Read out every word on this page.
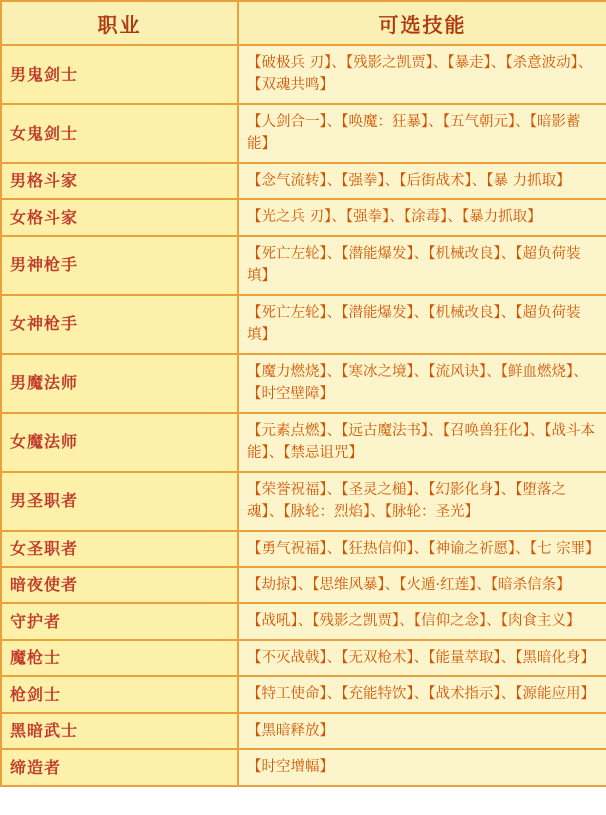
职业	可选技能
男鬼剑士	【破极兵 刃】、【残影之凯贾】、【暴走】、【杀意波动】、【双魂共鸣】

女鬼剑士	【人剑合一】、【唤魔：狂暴】、【五气朝元】、【暗影蓄能】

男格斗家	【念气流转】、【强拳】、【后街战术】、【暴 力抓取】

女格斗家	【光之兵 刃】、【强拳】、【涂毒】、【暴力抓取】

男神枪手	【死亡左轮】、【潜能爆发】、【机械改良】、【超负荷装填】

女神枪手	【死亡左轮】、【潜能爆发】、【机械改良】、【超负荷装填】

男魔法师	【魔力燃烧】、【寒冰之境】、【流风诀】、【鲜血燃烧】、【时空壁障】

女魔法师	【元素点燃】、【远古魔法书】、【召唤兽狂化】、【战斗本能】、【禁忌诅咒】

男圣职者	【荣誉祝福】、【圣灵之槌】、【幻影化身】、【堕落之魂】、【脉轮：烈焰】、【脉轮：圣光】

女圣职者	【勇气祝福】、【狂热信仰】、【神谕之祈愿】、【七 宗罪】

暗夜使者	【劫掠】、【思维风暴】、【火遁·红莲】、【暗杀信条】

守护者	【战吼】、【残影之凯贾】、【信仰之念】、【肉食主义】

魔枪士	【不灭战戟】、【无双枪术】、【能量萃取】、【黑暗化身】

枪剑士	【特工使命】、【充能特饮】、【战术指示】、【源能应用】

黑暗武士	【黑暗释放】

缔造者	【时空增幅】
